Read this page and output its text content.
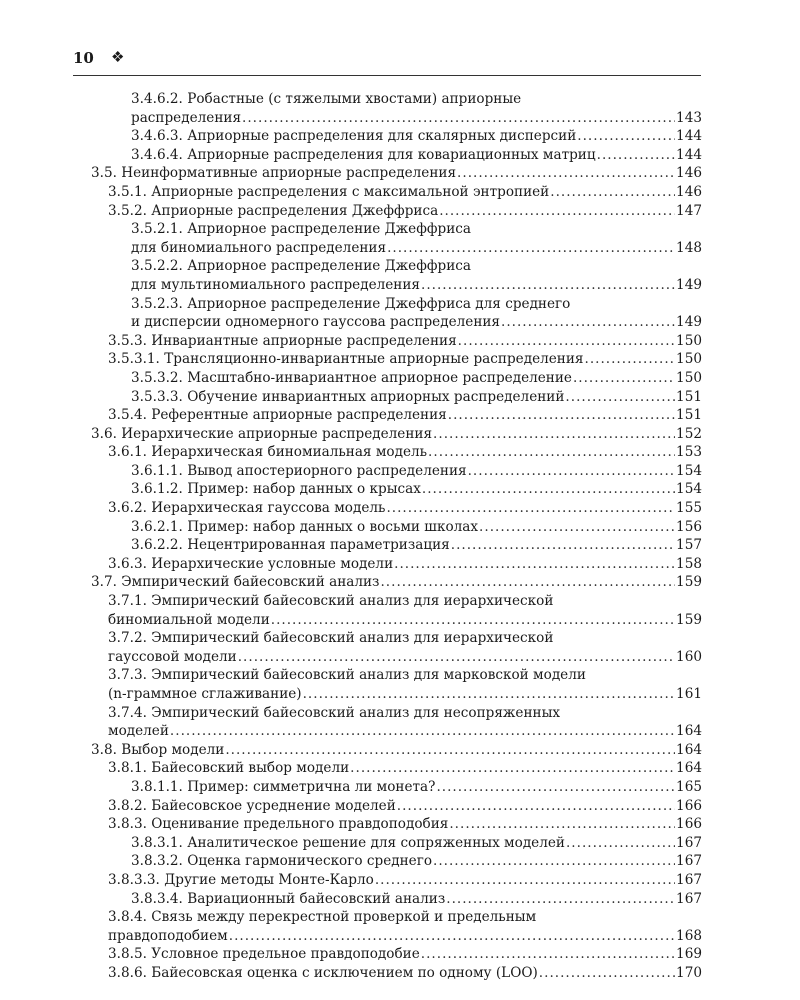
10 ❖
3.4.6.2. Робастные (с тяжелыми хвостами) априорные
распределения .....	143
3.4.6.3. Априорные распределения для скалярных дисперсий .....	144
3.4.6.4. Априорные распределения для ковариационных матриц .....	144
3.5. Неинформативные априорные распределения .....	146
3.5.1. Априорные распределения с максимальной энтропией .....	146
3.5.2. Априорные распределения Джеффриса .....	147
3.5.2.1. Априорное распределение Джеффриса
для биномиального распределения .....	148
3.5.2.2. Априорное распределение Джеффриса
для мультиномиального распределения .....	149
3.5.2.3. Априорное распределение Джеффриса для среднего
и дисперсии одномерного гауссова распределения .....	149
3.5.3. Инвариантные априорные распределения .....	150
3.5.3.1. Трансляционно-инвариантные априорные распределения .....	150
3.5.3.2. Масштабно-инвариантное априорное распределение .....	150
3.5.3.3. Обучение инвариантных априорных распределений .....	151
3.5.4. Референтные априорные распределения .....	151
3.6. Иерархические априорные распределения .....	152
3.6.1. Иерархическая биномиальная модель .....	153
3.6.1.1. Вывод апостериорного распределения .....	154
3.6.1.2. Пример: набор данных о крысах .....	154
3.6.2. Иерархическая гауссова модель .....	155
3.6.2.1. Пример: набор данных о восьми школах .....	156
3.6.2.2. Нецентрированная параметризация .....	157
3.6.3. Иерархические условные модели .....	158
3.7. Эмпирический байесовский анализ .....	159
3.7.1. Эмпирический байесовский анализ для иерархической
биномиальной модели .....	159
3.7.2. Эмпирический байесовский анализ для иерархической
гауссовой модели .....	160
3.7.3. Эмпирический байесовский анализ для марковской модели
(n-граммное сглаживание) .....	161
3.7.4. Эмпирический байесовский анализ для несопряженных
моделей .....	164
3.8. Выбор модели .....	164
3.8.1. Байесовский выбор модели .....	164
3.8.1.1. Пример: симметрична ли монета? .....	165
3.8.2. Байесовское усреднение моделей .....	166
3.8.3. Оценивание предельного правдоподобия .....	166
3.8.3.1. Аналитическое решение для сопряженных моделей .....	167
3.8.3.2. Оценка гармонического среднего .....	167
3.8.3.3. Другие методы Монте-Карло .....	167
3.8.3.4. Вариационный байесовский анализ .....	167
3.8.4. Связь между перекрестной проверкой и предельным
правдоподобием .....	168
3.8.5. Условное предельное правдоподобие .....	169
3.8.6. Байесовская оценка с исключением по одному (LOO) .....	170
